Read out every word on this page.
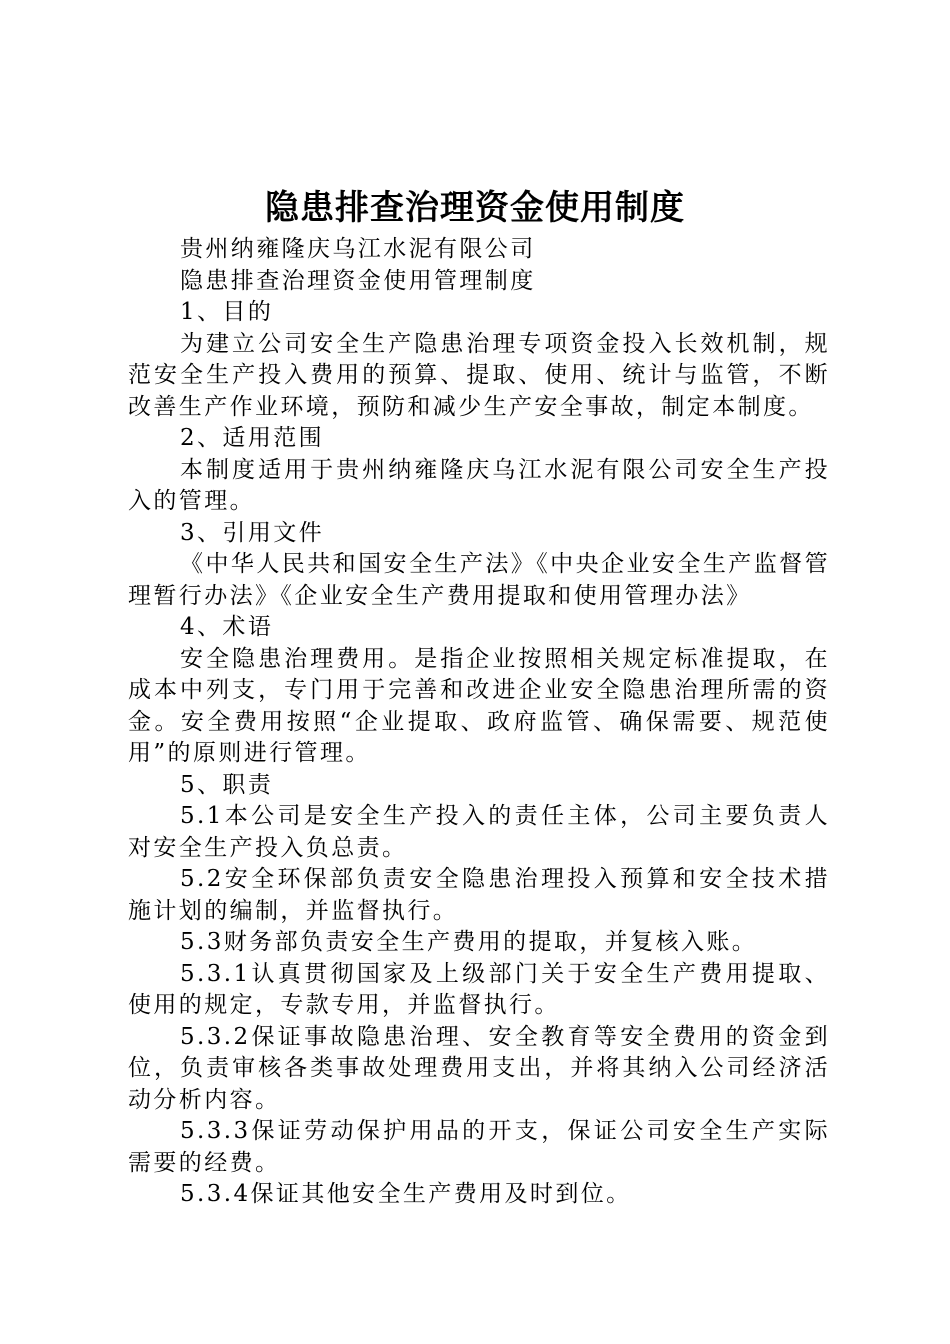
隐患排查治理资金使用制度

贵州纳雍隆庆乌江水泥有限公司

隐患排查治理资金使用管理制度

1、目的

为建立公司安全生产隐患治理专项资金投入长效机制，规范安全生产投入费用的预算、提取、使用、统计与监管，不断改善生产作业环境，预防和减少生产安全事故，制定本制度。

2、适用范围

本制度适用于贵州纳雍隆庆乌江水泥有限公司安全生产投入的管理。

3、引用文件

《中华人民共和国安全生产法》《中央企业安全生产监督管理暂行办法》《企业安全生产费用提取和使用管理办法》

4、术语

安全隐患治理费用。是指企业按照相关规定标准提取，在成本中列支，专门用于完善和改进企业安全隐患治理所需的资金。安全费用按照“企业提取、政府监管、确保需要、规范使用”的原则进行管理。

5、职责

5.1本公司是安全生产投入的责任主体，公司主要负责人对安全生产投入负总责。

5.2安全环保部负责安全隐患治理投入预算和安全技术措施计划的编制，并监督执行。

5.3财务部负责安全生产费用的提取，并复核入账。

5.3.1认真贯彻国家及上级部门关于安全生产费用提取、使用的规定，专款专用，并监督执行。

5.3.2保证事故隐患治理、安全教育等安全费用的资金到位，负责审核各类事故处理费用支出，并将其纳入公司经济活动分析内容。

5.3.3保证劳动保护用品的开支，保证公司安全生产实际需要的经费。

5.3.4保证其他安全生产费用及时到位。
